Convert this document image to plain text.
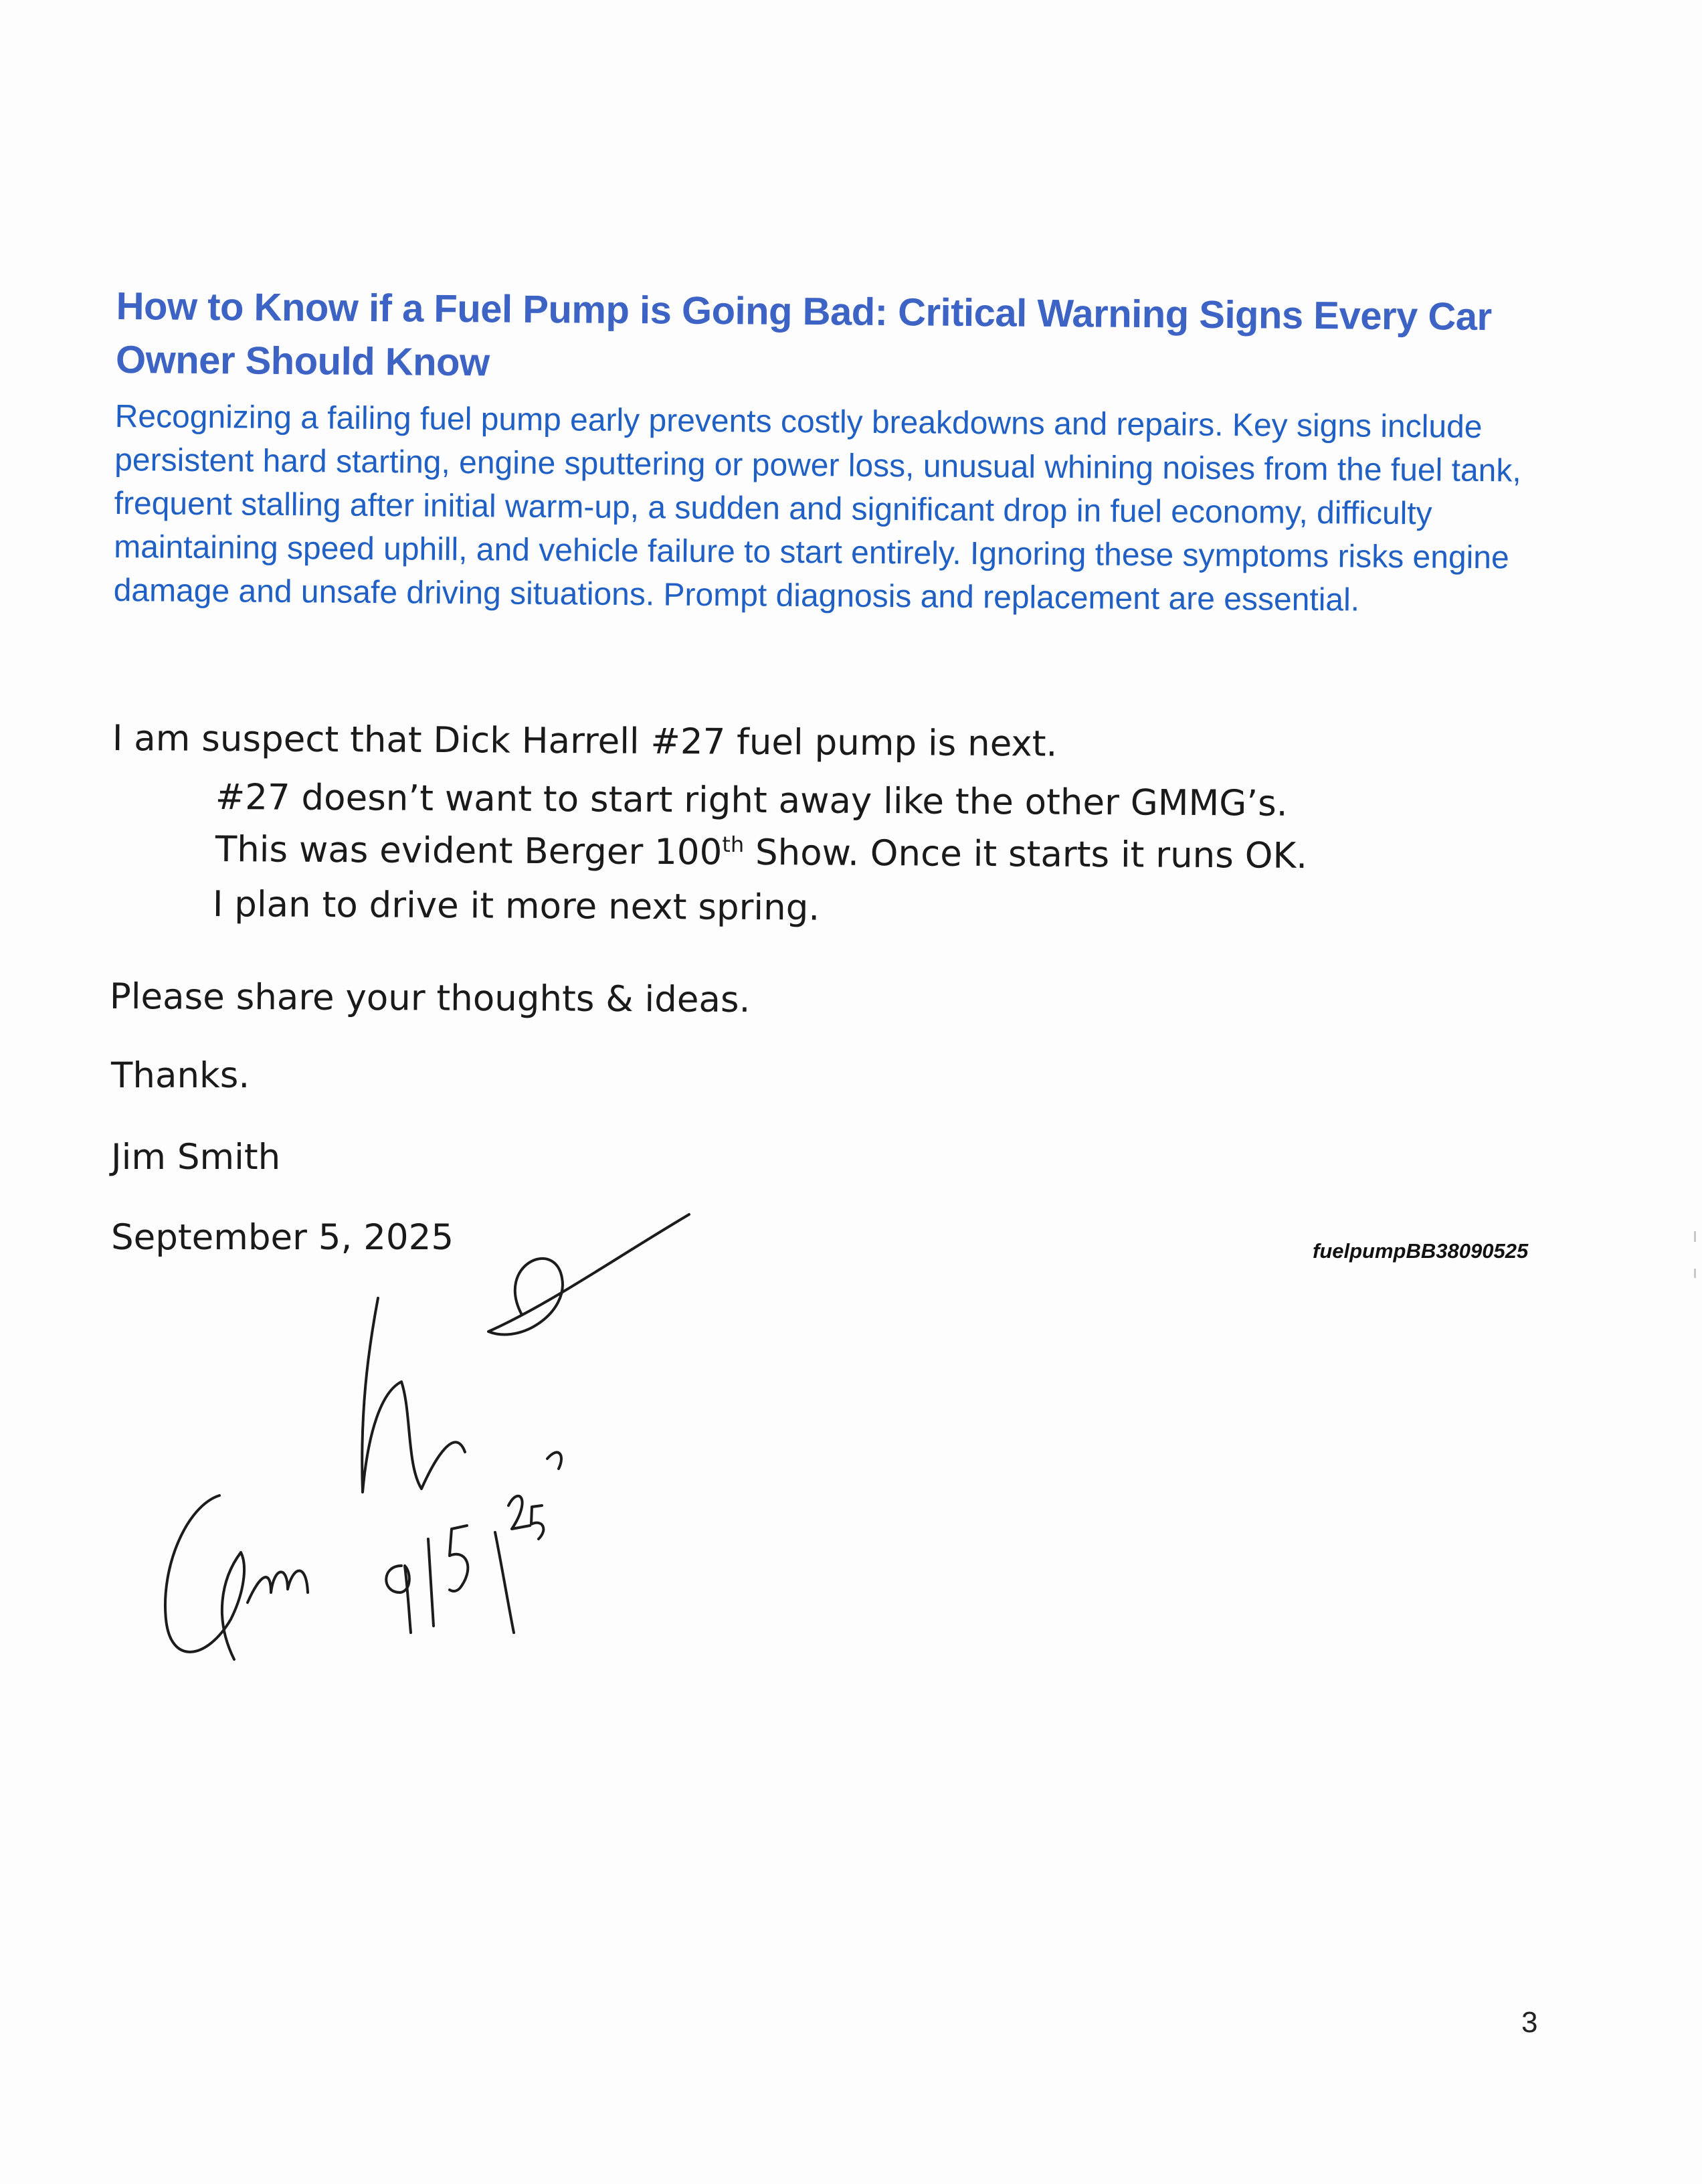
How to Know if a Fuel Pump is Going Bad: Critical Warning Signs Every Car Owner Should Know

Recognizing a failing fuel pump early prevents costly breakdowns and repairs. Key signs include persistent hard starting, engine sputtering or power loss, unusual whining noises from the fuel tank, frequent stalling after initial warm-up, a sudden and significant drop in fuel economy, difficulty maintaining speed uphill, and vehicle failure to start entirely. Ignoring these symptoms risks engine damage and unsafe driving situations. Prompt diagnosis and replacement are essential.

I am suspect that Dick Harrell #27 fuel pump is next.
#27 doesn’t want to start right away like the other GMMG’s.
This was evident Berger 100th Show. Once it starts it runs OK.
I plan to drive it more next spring.
Please share your thoughts & ideas.
Thanks.
Jim Smith
September 5, 2025	fuelpumpBB38090525
3
